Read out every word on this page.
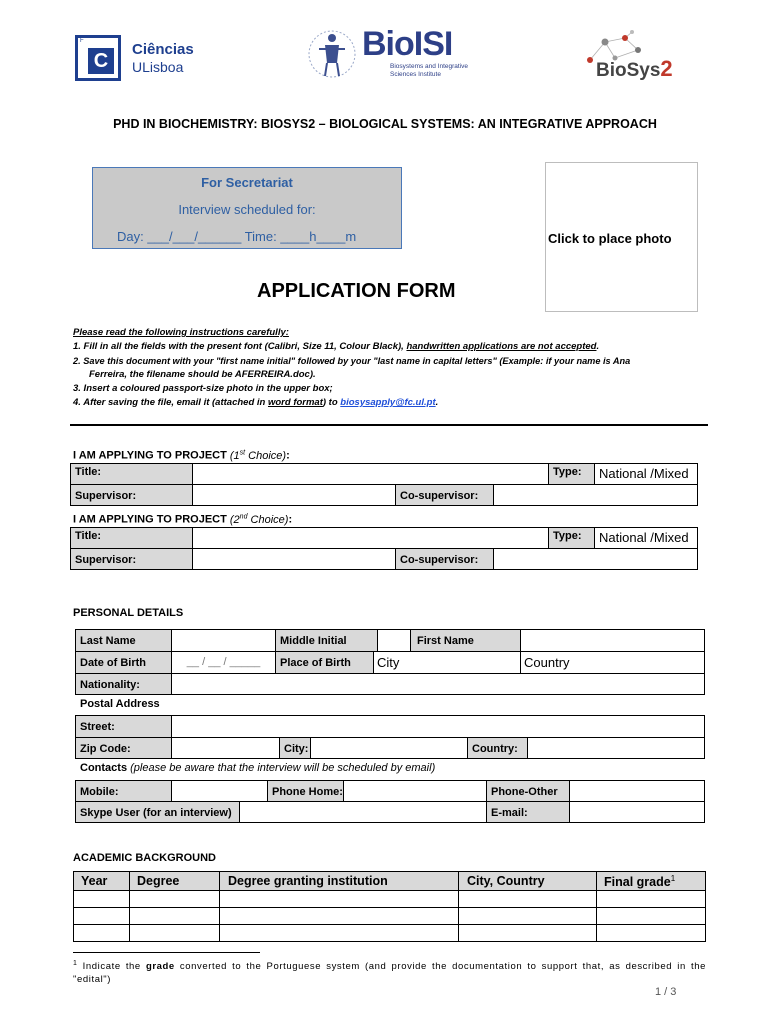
C
F	Ciências
ULisboa
BioISI
Biosystems and Integrative
Sciences Institute	BioSys2
PHD IN BIOCHEMISTRY: BIOSYS2 – BIOLOGICAL SYSTEMS: AN INTEGRATIVE APPROACH
For Secretariat
Interview scheduled for:
Day: ___/___/______ Time: ____h____m	Click to place photo
APPLICATION FORM
Please read the following instructions carefully:
1. Fill in all the fields with the present font (Calibri, Size 11, Colour Black), handwritten applications are not accepted.
2. Save this document with your "first name initial" followed by your "last name in capital letters" (Example: if your name is Ana
Ferreira, the filename should be AFERREIRA.doc).
3. Insert a coloured passport-size photo in the upper box;
4. After saving the file, email it (attached in word format) to biosysapply@fc.ul.pt.
I AM APPLYING TO PROJECT (1st Choice):
Title:	Type:	National /Mixed
Supervisor:	Co-supervisor:
I AM APPLYING TO PROJECT (2nd Choice):
Title:	Type:	National /Mixed
Supervisor:	Co-supervisor:
PERSONAL DETAILS
Last Name	Middle Initial	First Name
Date of Birth	__ / __ / _____	Place of Birth	City	Country
Nationality:
Postal Address
Street:
Zip Code:	City:	Country:
Contacts (please be aware that the interview will be scheduled by email)
Mobile:	Phone Home:	Phone-Other
Skype User (for an interview)	E-mail:
ACADEMIC BACKGROUND
Year	Degree	Degree granting institution	City, Country	Final grade$^1$
$^1$ Indicate the grade converted to the Portuguese system (and provide the documentation to support that, as described in the "edital")
1 / 3
